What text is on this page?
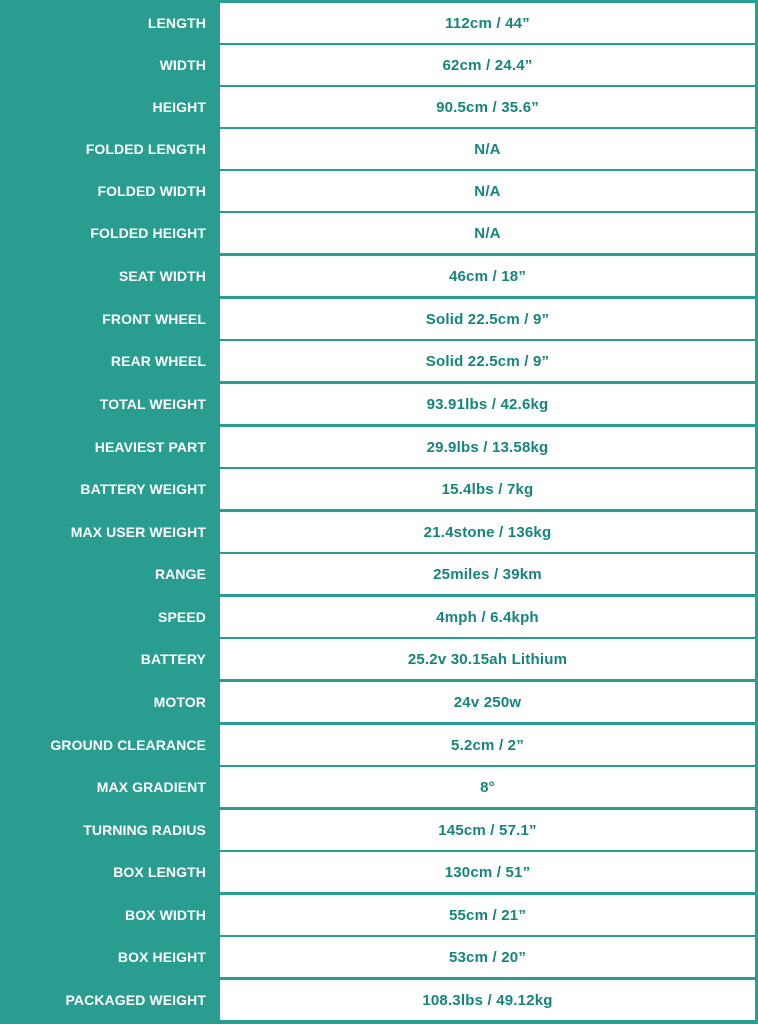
LENGTH	112cm / 44”
WIDTH	62cm / 24.4”
HEIGHT	90.5cm / 35.6”
FOLDED LENGTH	N/A
FOLDED WIDTH	N/A
FOLDED HEIGHT	N/A
SEAT WIDTH	46cm / 18”
FRONT WHEEL	Solid 22.5cm / 9”
REAR WHEEL	Solid 22.5cm / 9”
TOTAL WEIGHT	93.91lbs / 42.6kg
HEAVIEST PART	29.9lbs / 13.58kg
BATTERY WEIGHT	15.4lbs / 7kg
MAX USER WEIGHT	21.4stone / 136kg
RANGE	25miles / 39km
SPEED	4mph / 6.4kph
BATTERY	25.2v 30.15ah Lithium
MOTOR	24v 250w
GROUND CLEARANCE	5.2cm / 2”
MAX GRADIENT	8°
TURNING RADIUS	145cm / 57.1”
BOX LENGTH	130cm / 51”
BOX WIDTH	55cm / 21”
BOX HEIGHT	53cm / 20”
PACKAGED WEIGHT	108.3lbs / 49.12kg
